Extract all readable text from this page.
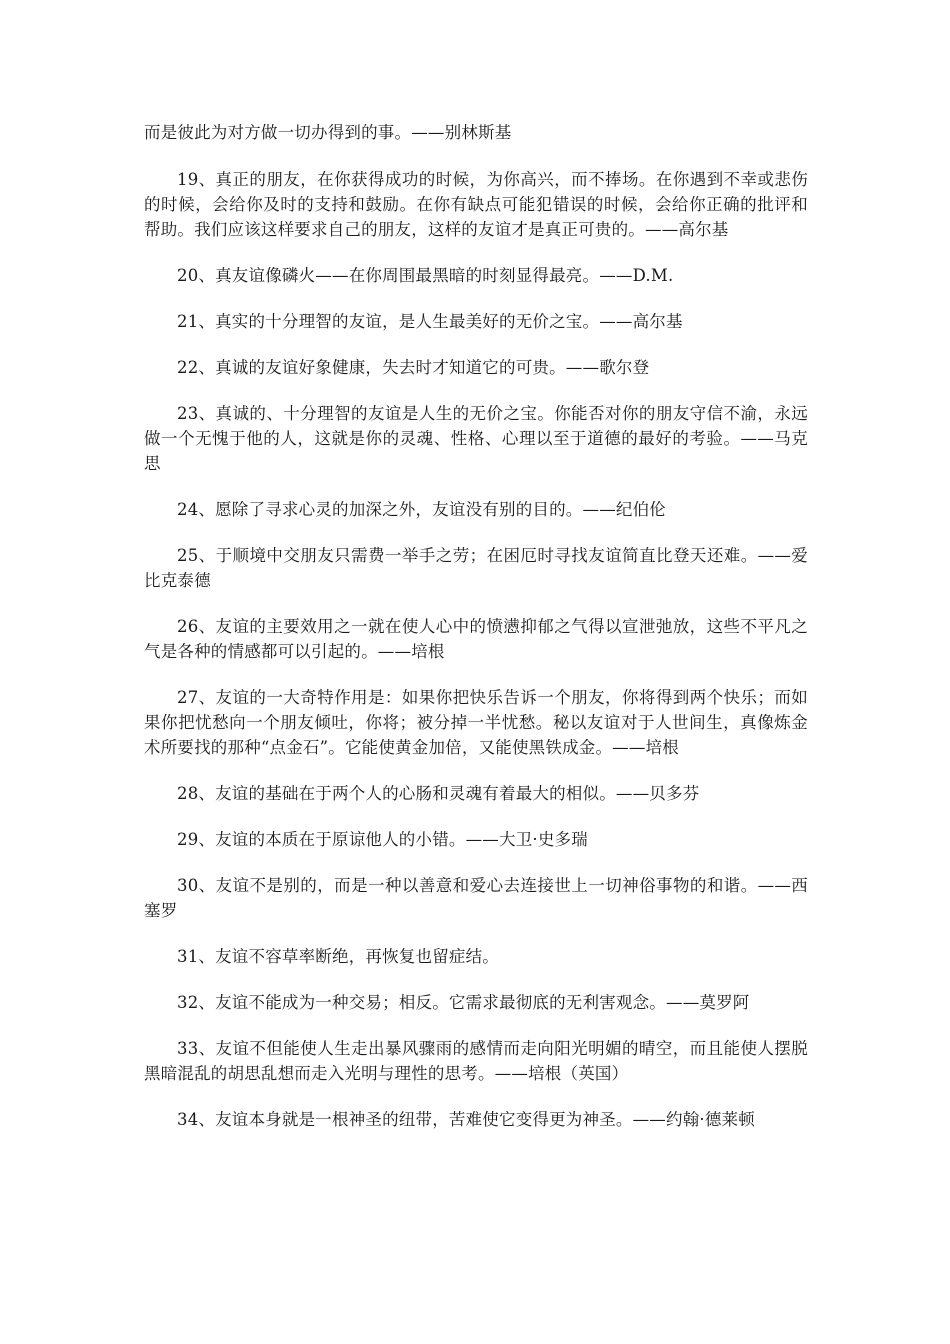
而是彼此为对方做一切办得到的事。——别林斯基

19、真正的朋友，在你获得成功的时候，为你高兴，而不捧场。在你遇到不幸或悲伤的时候，会给你及时的支持和鼓励。在你有缺点可能犯错误的时候，会给你正确的批评和帮助。我们应该这样要求自己的朋友，这样的友谊才是真正可贵的。——高尔基

20、真友谊像磷火——在你周围最黑暗的时刻显得最亮。——D.M.

21、真实的十分理智的友谊，是人生最美好的无价之宝。——高尔基

22、真诚的友谊好象健康，失去时才知道它的可贵。——歌尔登

23、真诚的、十分理智的友谊是人生的无价之宝。你能否对你的朋友守信不渝，永远做一个无愧于他的人，这就是你的灵魂、性格、心理以至于道德的最好的考验。——马克思

24、愿除了寻求心灵的加深之外，友谊没有别的目的。——纪伯伦

25、于顺境中交朋友只需费一举手之劳；在困厄时寻找友谊简直比登天还难。——爱比克泰德

26、友谊的主要效用之一就在使人心中的愤懑抑郁之气得以宣泄弛放，这些不平凡之气是各种的情感都可以引起的。——培根

27、友谊的一大奇特作用是：如果你把快乐告诉一个朋友，你将得到两个快乐；而如果你把忧愁向一个朋友倾吐，你将；被分掉一半忧愁。秘以友谊对于人世间生，真像炼金术所要找的那种“点金石”。它能使黄金加倍，又能使黑铁成金。——培根

28、友谊的基础在于两个人的心肠和灵魂有着最大的相似。——贝多芬

29、友谊的本质在于原谅他人的小错。——大卫·史多瑞

30、友谊不是别的，而是一种以善意和爱心去连接世上一切神俗事物的和谐。——西塞罗

31、友谊不容草率断绝，再恢复也留症结。

32、友谊不能成为一种交易；相反。它需求最彻底的无利害观念。——莫罗阿

33、友谊不但能使人生走出暴风骤雨的感情而走向阳光明媚的晴空，而且能使人摆脱黑暗混乱的胡思乱想而走入光明与理性的思考。——培根（英国）

34、友谊本身就是一根神圣的纽带，苦难使它变得更为神圣。——约翰·德莱顿
